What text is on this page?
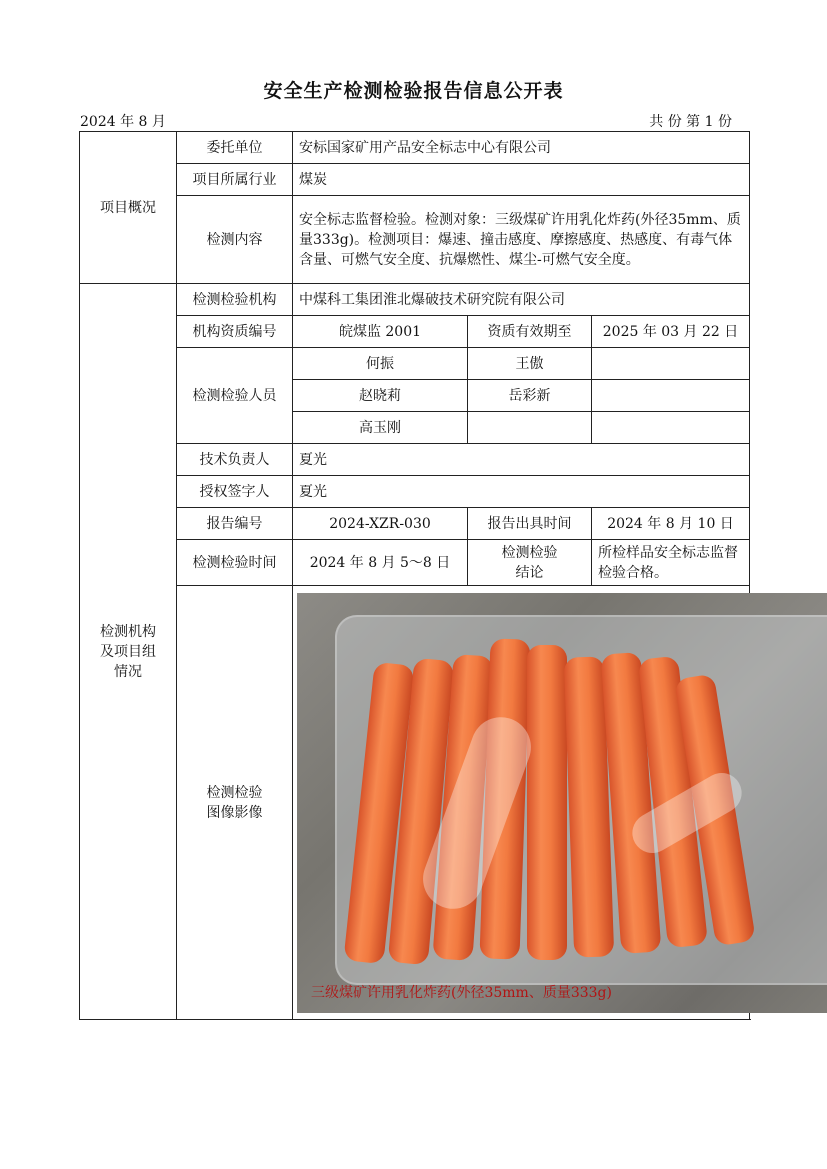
安全生产检测检验报告信息公开表
2024 年 8 月	共 份 第 1 份
项目概况	委托单位	安标国家矿用产品安全标志中心有限公司		
	项目所属行业	煤炭		
	检测内容	安全标志监督检验。检测对象：三级煤矿许用乳化炸药(外径35mm、质量333g)。检测项目：爆速、撞击感度、摩擦感度、热感度、有毒气体含量、可燃气安全度、抗爆燃性、煤尘-可燃气安全度。		
检测机构及项目组情况	检测检验机构	中煤科工集团淮北爆破技术研究院有限公司		
	机构资质编号	皖煤监 2001	资质有效期至	2025 年 03 月 22 日
	检测检验人员	何振	王傲	
		赵晓莉	岳彩新	
		高玉刚		
	技术负责人	夏光		
	授权签字人	夏光		
	报告编号	2024-XZR-030	报告出具时间	2024 年 8 月 10 日
	检测检验时间	2024 年 8 月 5～8 日	检测检验结论	所检样品安全标志监督检验合格。
	检测检验图像影像	三级煤矿许用乳化炸药(外径35mm、质量333g)		
